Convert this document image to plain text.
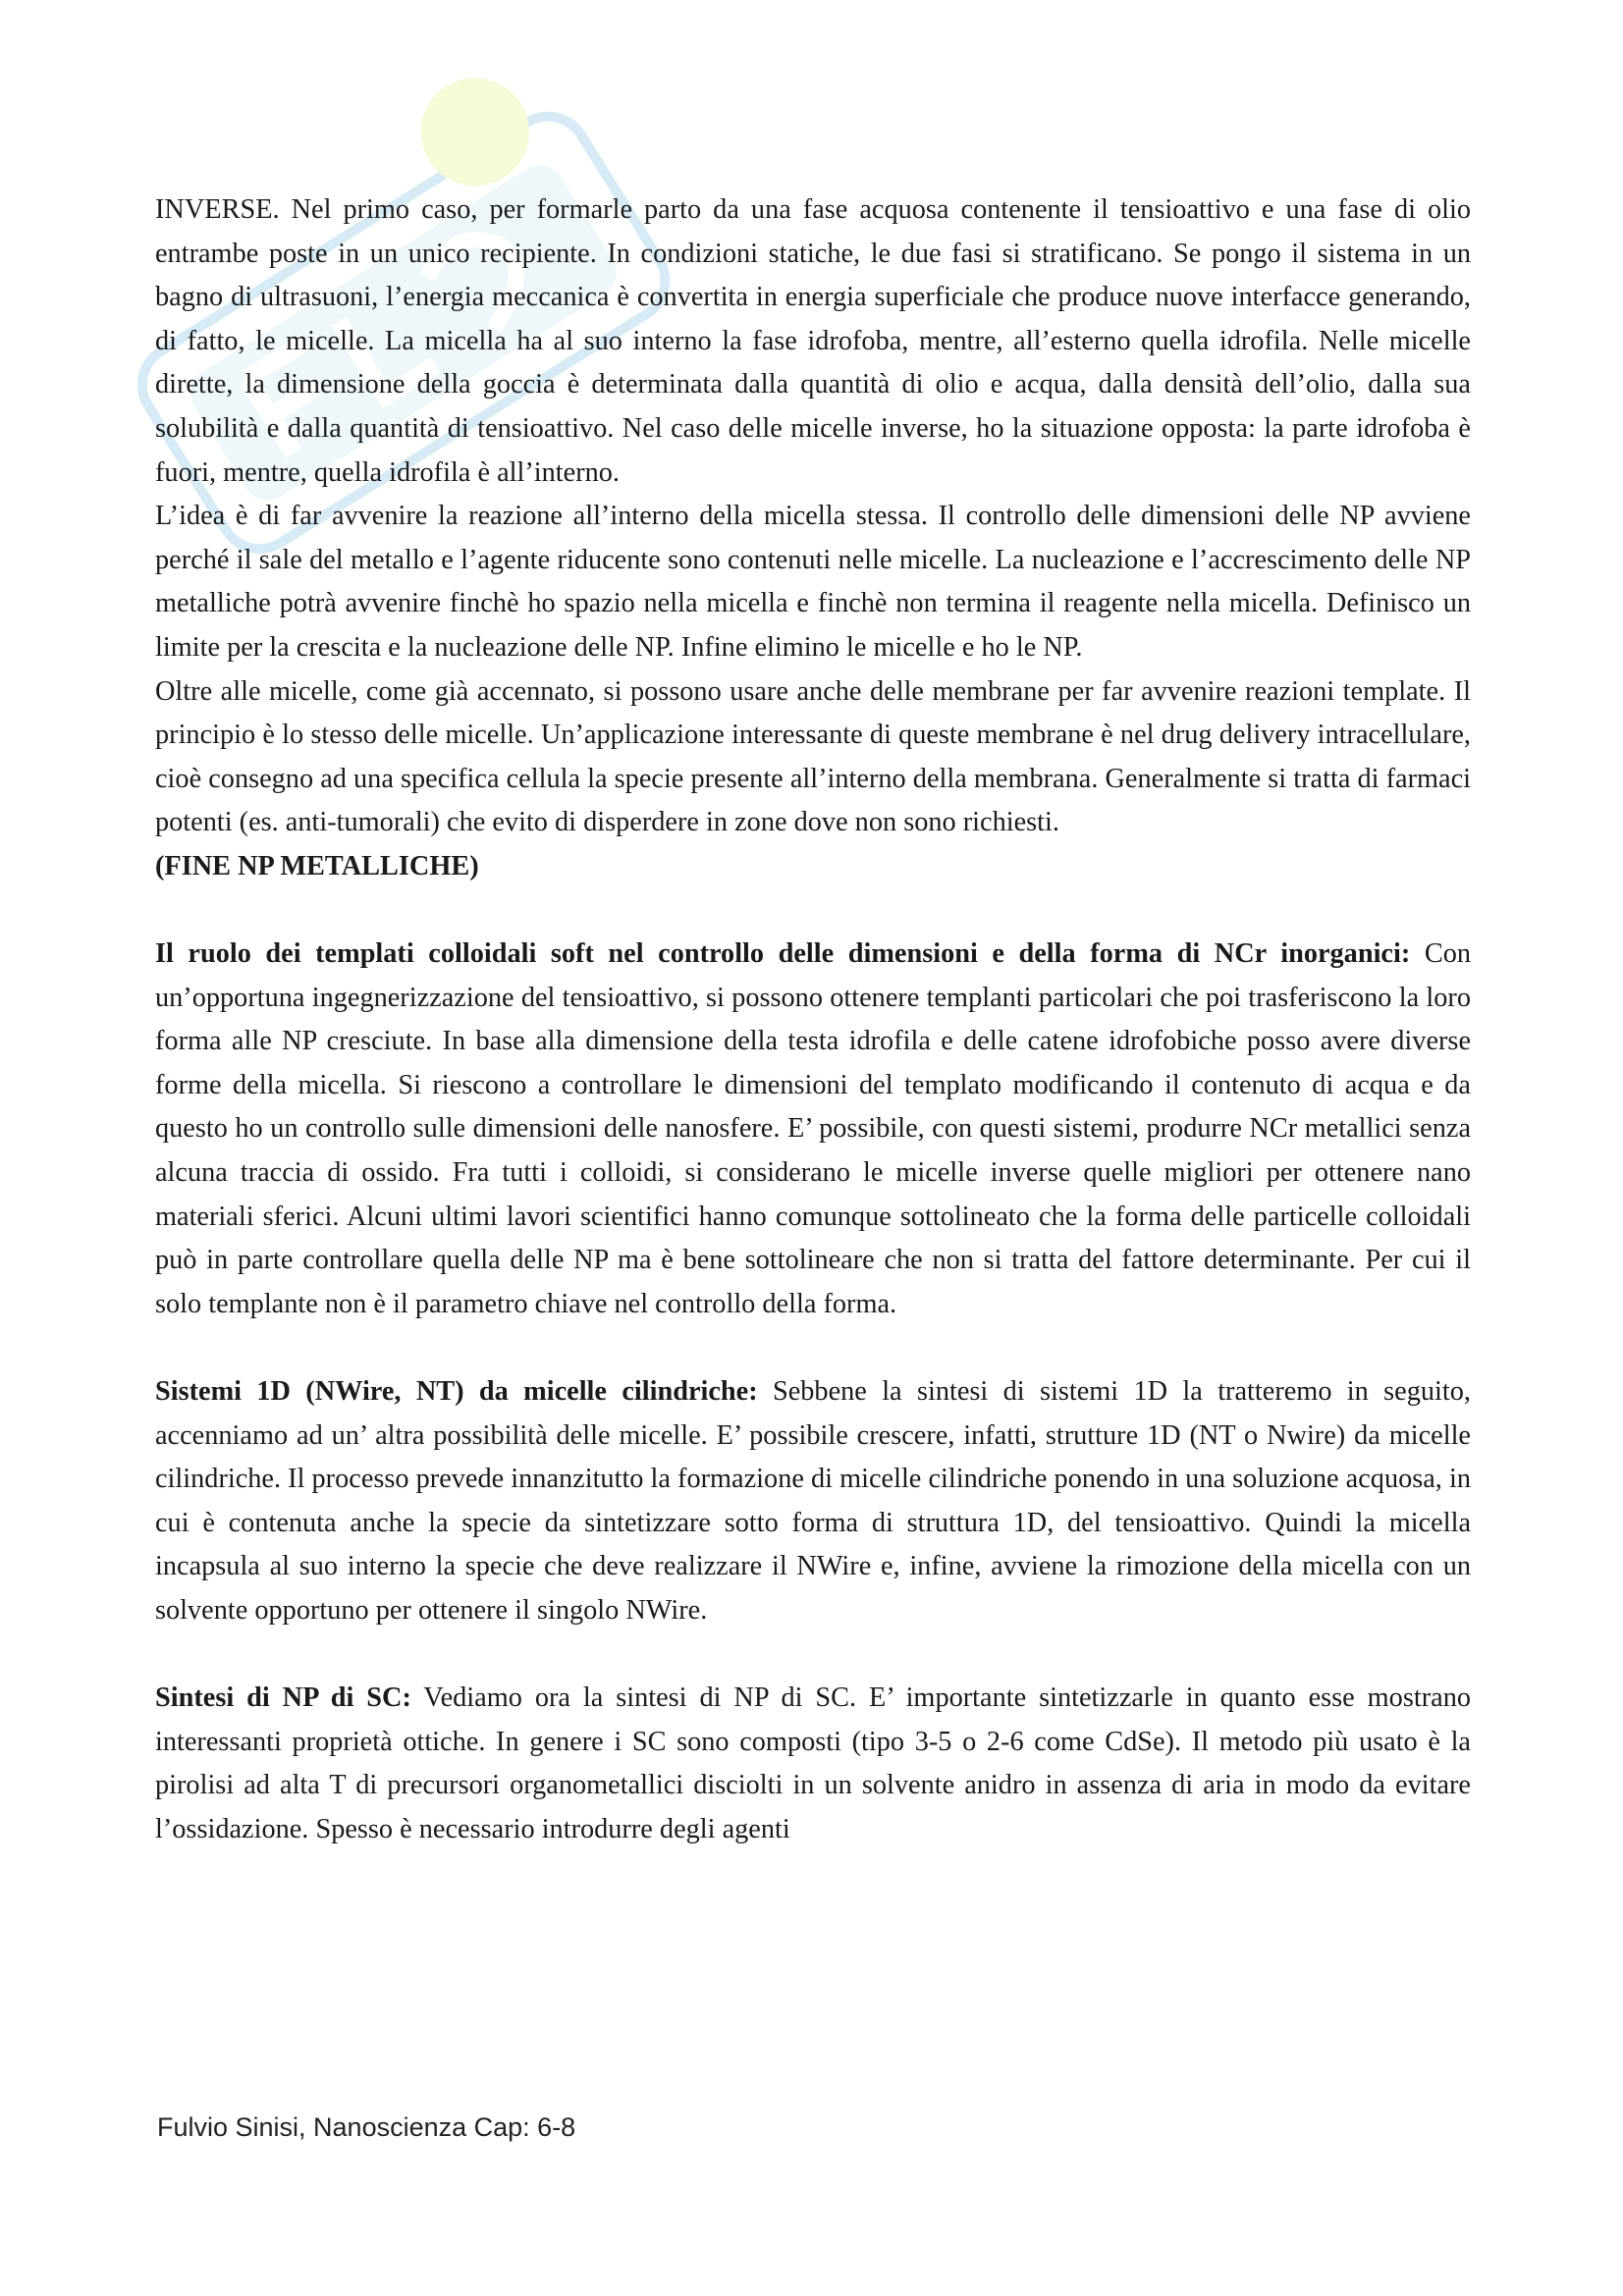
INVERSE. Nel primo caso, per formarle parto da una fase acquosa contenente il tensioattivo e una fase di olio entrambe poste in un unico recipiente. In condizioni statiche, le due fasi si stratificano. Se pongo il sistema in un bagno di ultrasuoni, l’energia meccanica è convertita in energia superficiale che produce nuove interfacce generando, di fatto, le micelle. La micella ha al suo interno la fase idrofoba, mentre, all’esterno quella idrofila. Nelle micelle dirette, la dimensione della goccia è determinata dalla quantità di olio e acqua, dalla densità dell’olio, dalla sua solubilità e dalla quantità di tensioattivo. Nel caso delle micelle inverse, ho la situazione opposta: la parte idrofoba è fuori, mentre, quella idrofila è all’interno.

L’idea è di far avvenire la reazione all’interno della micella stessa. Il controllo delle dimensioni delle NP avviene perché il sale del metallo e l’agente riducente sono contenuti nelle micelle. La nucleazione e l’accrescimento delle NP metalliche potrà avvenire finchè ho spazio nella micella e finchè non termina il reagente nella micella. Definisco un limite per la crescita e la nucleazione delle NP. Infine elimino le micelle e ho le NP.

Oltre alle micelle, come già accennato, si possono usare anche delle membrane per far avvenire reazioni template. Il principio è lo stesso delle micelle. Un’applicazione interessante di queste membrane è nel drug delivery intracellulare, cioè consegno ad una specifica cellula la specie presente all’interno della membrana. Generalmente si tratta di farmaci potenti (es. anti-tumorali) che evito di disperdere in zone dove non sono richiesti.

(FINE NP METALLICHE)

Il ruolo dei templati colloidali soft nel controllo delle dimensioni e della forma di NCr inorganici: Con un’opportuna ingegnerizzazione del tensioattivo, si possono ottenere templanti particolari che poi trasferiscono la loro forma alle NP cresciute. In base alla dimensione della testa idrofila e delle catene idrofobiche posso avere diverse forme della micella. Si riescono a controllare le dimensioni del templato modificando il contenuto di acqua e da questo ho un controllo sulle dimensioni delle nanosfere. E’ possibile, con questi sistemi, produrre NCr metallici senza alcuna traccia di ossido. Fra tutti i colloidi, si considerano le micelle inverse quelle migliori per ottenere nano materiali sferici. Alcuni ultimi lavori scientifici hanno comunque sottolineato che la forma delle particelle colloidali può in parte controllare quella delle NP ma è bene sottolineare che non si tratta del fattore determinante. Per cui il solo templante non è il parametro chiave nel controllo della forma.

Sistemi 1D (NWire, NT) da micelle cilindriche: Sebbene la sintesi di sistemi 1D la tratteremo in seguito, accenniamo ad un’ altra possibilità delle micelle. E’ possibile crescere, infatti, strutture 1D (NT o Nwire) da micelle cilindriche. Il processo prevede innanzitutto la formazione di micelle cilindriche ponendo in una soluzione acquosa, in cui è contenuta anche la specie da sintetizzare sotto forma di struttura 1D, del tensioattivo. Quindi la micella incapsula al suo interno la specie che deve realizzare il NWire e, infine, avviene la rimozione della micella con un solvente opportuno per ottenere il singolo NWire.

Sintesi di NP di SC: Vediamo ora la sintesi di NP di SC. E’ importante sintetizzarle in quanto esse mostrano interessanti proprietà ottiche. In genere i SC sono composti (tipo 3-5 o 2-6 come CdSe). Il metodo più usato è la pirolisi ad alta T di precursori organometallici disciolti in un solvente anidro in assenza di aria in modo da evitare l’ossidazione. Spesso è necessario introdurre degli agenti

Fulvio Sinisi, Nanoscienza Cap: 6-8
